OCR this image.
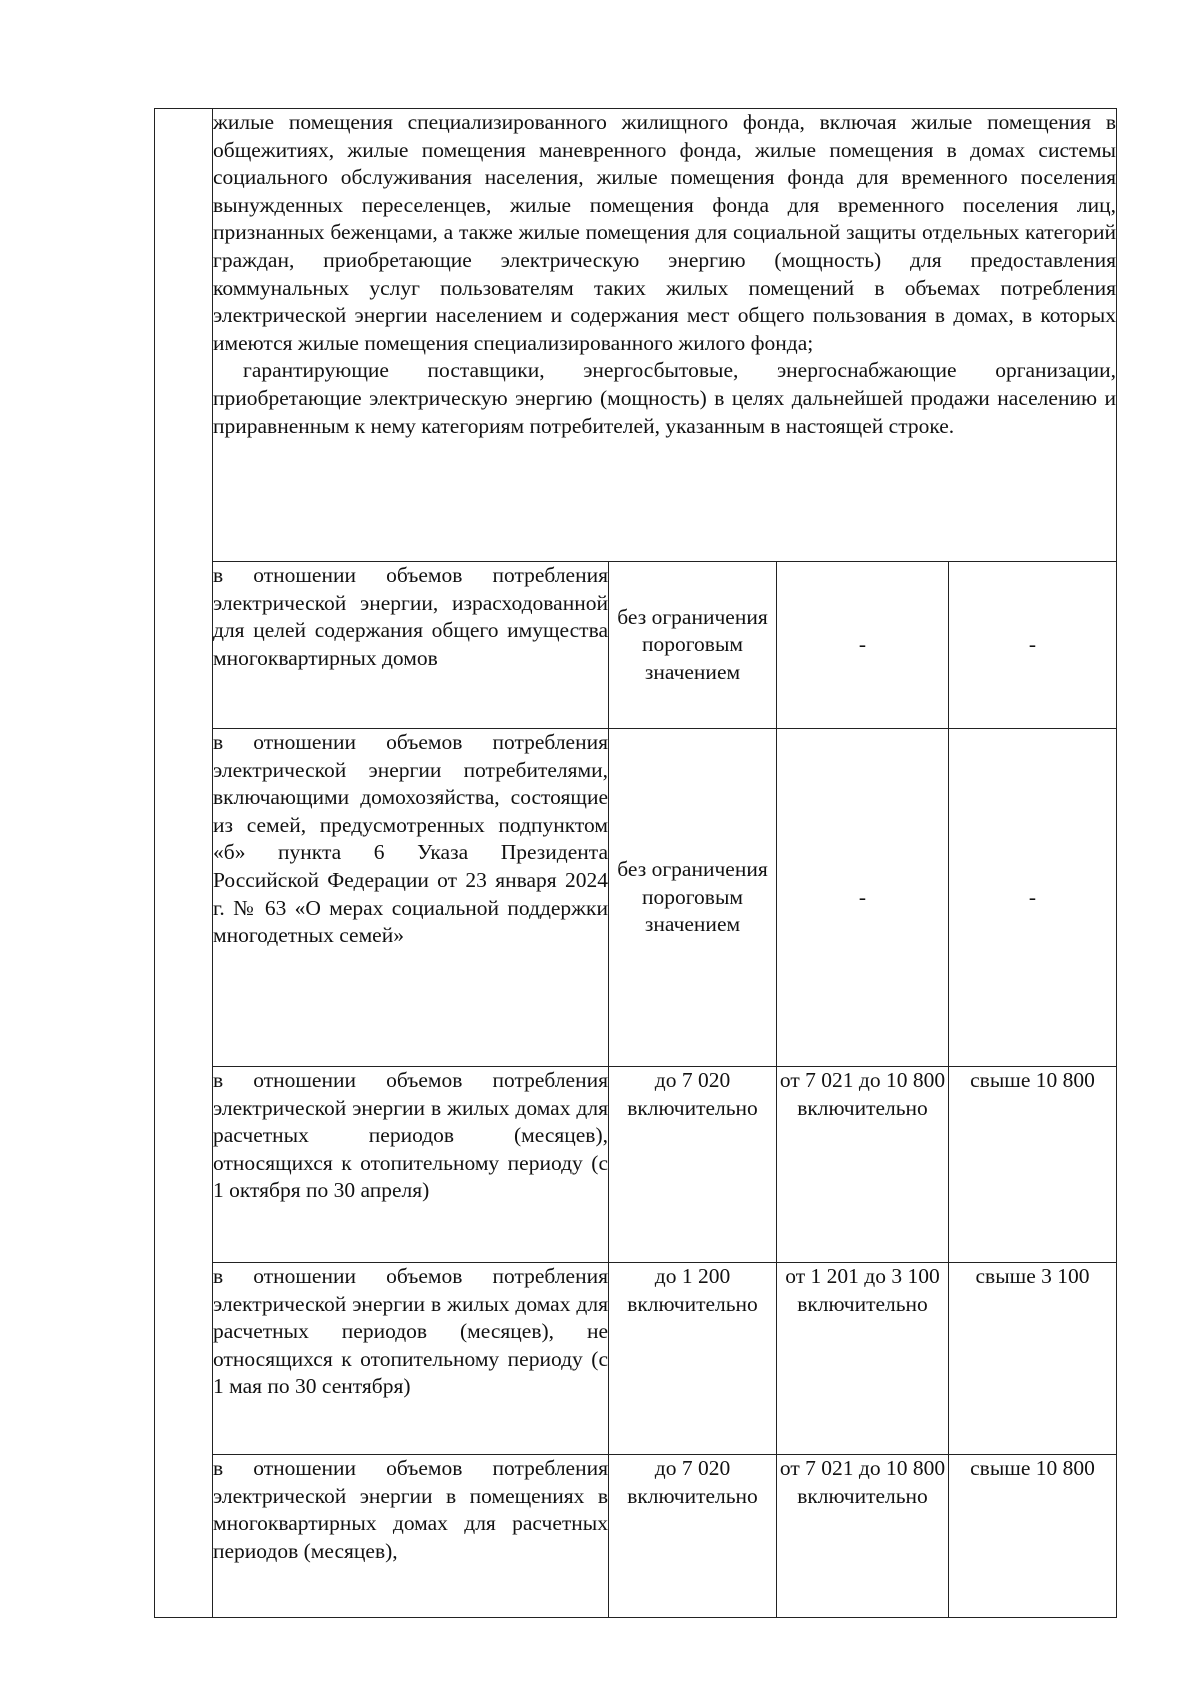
	жилые помещения специализированного жилищного фонда, включая жилые помещения в общежитиях, жилые помещения маневренного фонда, жилые помещения в домах системы социального обслуживания населения, жилые помещения фонда для временного поселения вынужденных переселенцев, жилые помещения фонда для временного поселения лиц, признанных беженцами, а также жилые помещения для социальной защиты отдельных категорий граждан, приобретающие электрическую энергию (мощность) для предоставления коммунальных услуг пользователям таких жилых помещений в объемах потребления электрической энергии населением и содержания мест общего пользования в домах, в которых имеются жилые помещения специализированного жилого фонда;

гарантирующие поставщики, энергосбытовые, энергоснабжающие организации, приобретающие электрическую энергию (мощность) в целях дальнейшей продажи населению и приравненным к нему категориям потребителей, указанным в настоящей строке.			

	в отношении объемов потребления электрической энергии, израсходованной для целей содержания общего имущества многоквартирных домов	без ограничения пороговым значением	-	-
	в отношении объемов потребления электрической энергии потребителями, включающими домохозяйства, состоящие из семей, предусмотренных подпунктом «б» пункта 6 Указа Президента Российской Федерации от 23 января 2024 г. № 63 «О мерах социальной поддержки многодетных семей»	без ограничения пороговым значением	-	-
	в отношении объемов потребления электрической энергии в жилых домах для расчетных периодов (месяцев), относящихся к отопительному периоду (с 1 октября по 30 апреля)	до 7 020 включительно	от 7 021 до 10 800 включительно	свыше 10 800
	в отношении объемов потребления электрической энергии в жилых домах для расчетных периодов (месяцев), не относящихся к отопительному периоду (с 1 мая по 30 сентября)	до 1 200 включительно	от 1 201 до 3 100 включительно	свыше 3 100
	в отношении объемов потребления электрической энергии в помещениях в многоквартирных домах для расчетных периодов (месяцев),	до 7 020 включительно	от 7 021 до 10 800 включительно	свыше 10 800
